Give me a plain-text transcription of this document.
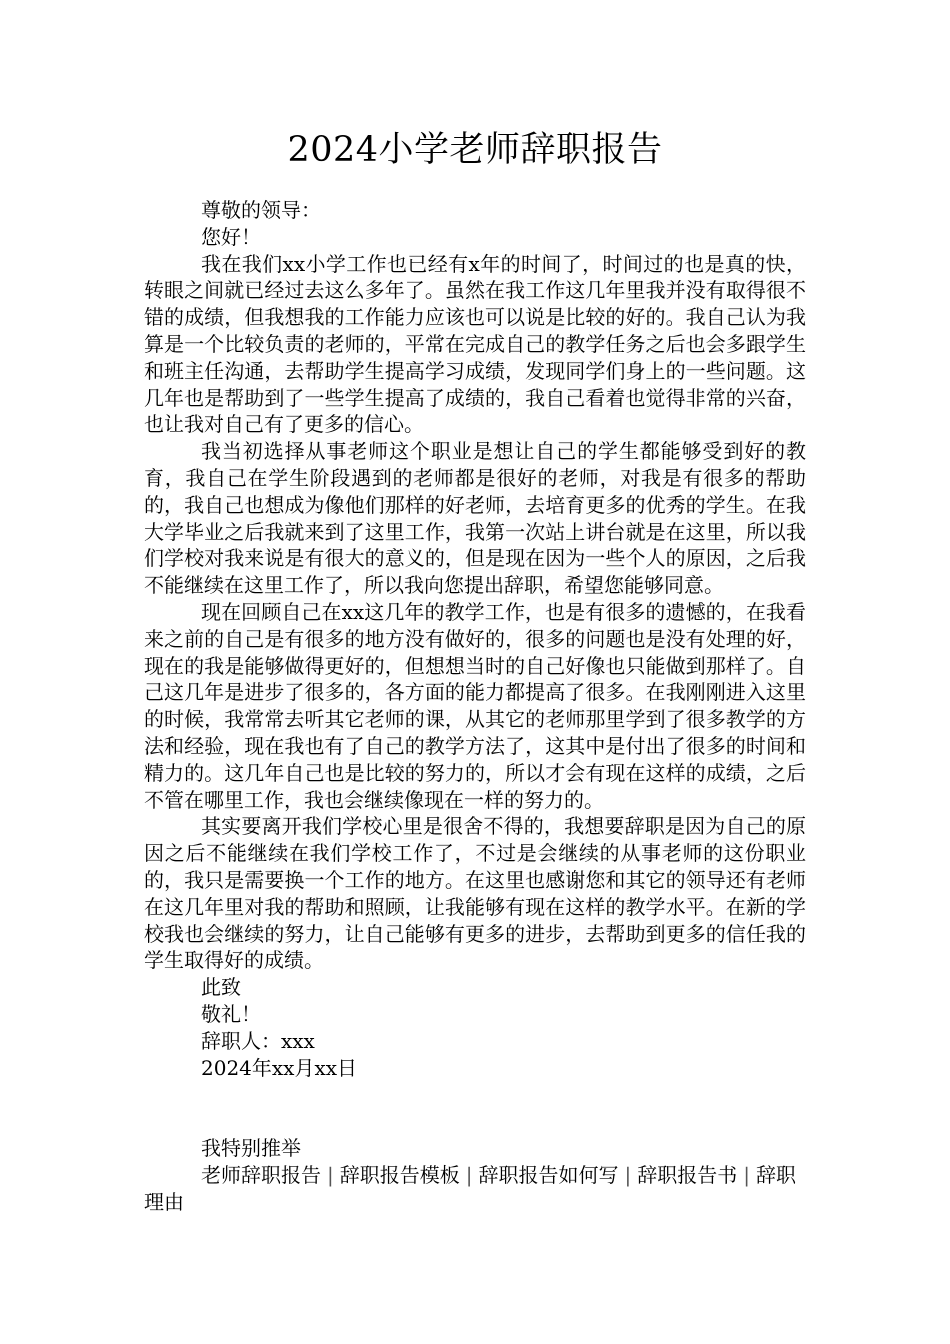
2024小学老师辞职报告

尊敬的领导：

您好！

我在我们xx小学工作也已经有x年的时间了，时间过的也是真的快，转眼之间就已经过去这么多年了。虽然在我工作这几年里我并没有取得很不错的成绩，但我想我的工作能力应该也可以说是比较的好的。我自己认为我算是一个比较负责的老师的，平常在完成自己的教学任务之后也会多跟学生和班主任沟通，去帮助学生提高学习成绩，发现同学们身上的一些问题。这几年也是帮助到了一些学生提高了成绩的，我自己看着也觉得非常的兴奋，也让我对自己有了更多的信心。

我当初选择从事老师这个职业是想让自己的学生都能够受到好的教育，我自己在学生阶段遇到的老师都是很好的老师，对我是有很多的帮助的，我自己也想成为像他们那样的好老师，去培育更多的优秀的学生。在我大学毕业之后我就来到了这里工作，我第一次站上讲台就是在这里，所以我们学校对我来说是有很大的意义的，但是现在因为一些个人的原因，之后我不能继续在这里工作了，所以我向您提出辞职，希望您能够同意。

现在回顾自己在xx这几年的教学工作，也是有很多的遗憾的，在我看来之前的自己是有很多的地方没有做好的，很多的问题也是没有处理的好，现在的我是能够做得更好的，但想想当时的自己好像也只能做到那样了。自己这几年是进步了很多的，各方面的能力都提高了很多。在我刚刚进入这里的时候，我常常去听其它老师的课，从其它的老师那里学到了很多教学的方法和经验，现在我也有了自己的教学方法了，这其中是付出了很多的时间和精力的。这几年自己也是比较的努力的，所以才会有现在这样的成绩，之后不管在哪里工作，我也会继续像现在一样的努力的。

其实要离开我们学校心里是很舍不得的，我想要辞职是因为自己的原因之后不能继续在我们学校工作了，不过是会继续的从事老师的这份职业的，我只是需要换一个工作的地方。在这里也感谢您和其它的领导还有老师在这几年里对我的帮助和照顾，让我能够有现在这样的教学水平。在新的学校我也会继续的努力，让自己能够有更多的进步，去帮助到更多的信任我的学生取得好的成绩。

此致

敬礼！

辞职人：xxx

2024年xx月xx日

我特别推举

老师辞职报告 | 辞职报告模板 | 辞职报告如何写 | 辞职报告书 | 辞职理由
